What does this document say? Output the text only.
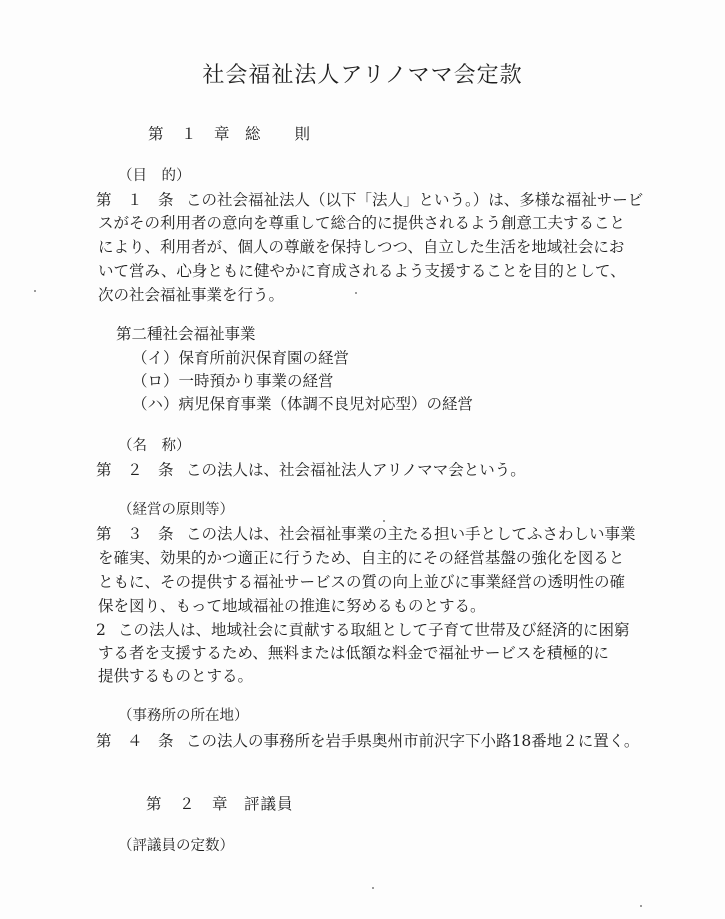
社会福祉法人アリノママ会定款
第　１　章 総　　則
（目　的）
第　１　条 この社会福祉法人（以下「法人」という。）は、多様な福祉サービ
スがその利用者の意向を尊重して総合的に提供されるよう創意工夫すること
により、利用者が、個人の尊厳を保持しつつ、自立した生活を地域社会にお
いて営み、心身ともに健やかに育成されるよう支援することを目的として、
次の社会福祉事業を行う。
第二種社会福祉事業
（イ）保育所前沢保育園の経営
（ロ）一時預かり事業の経営
（ハ）病児保育事業（体調不良児対応型）の経営
（名　称）
第　２　条 この法人は、社会福祉法人アリノママ会という。
（経営の原則等）
第　３　条 この法人は、社会福祉事業の主たる担い手としてふさわしい事業
を確実、効果的かつ適正に行うため、自主的にその経営基盤の強化を図ると
ともに、その提供する福祉サービスの質の向上並びに事業経営の透明性の確
保を図り、もって地域福祉の推進に努めるものとする。
2 この法人は、地域社会に貢献する取組として子育て世帯及び経済的に困窮
する者を支援するため、無料または低額な料金で福祉サービスを積極的に
提供するものとする。
（事務所の所在地）
第　４　条 この法人の事務所を岩手県奥州市前沢字下小路18番地２に置く。
第　２　章 評議員
（評議員の定数）
